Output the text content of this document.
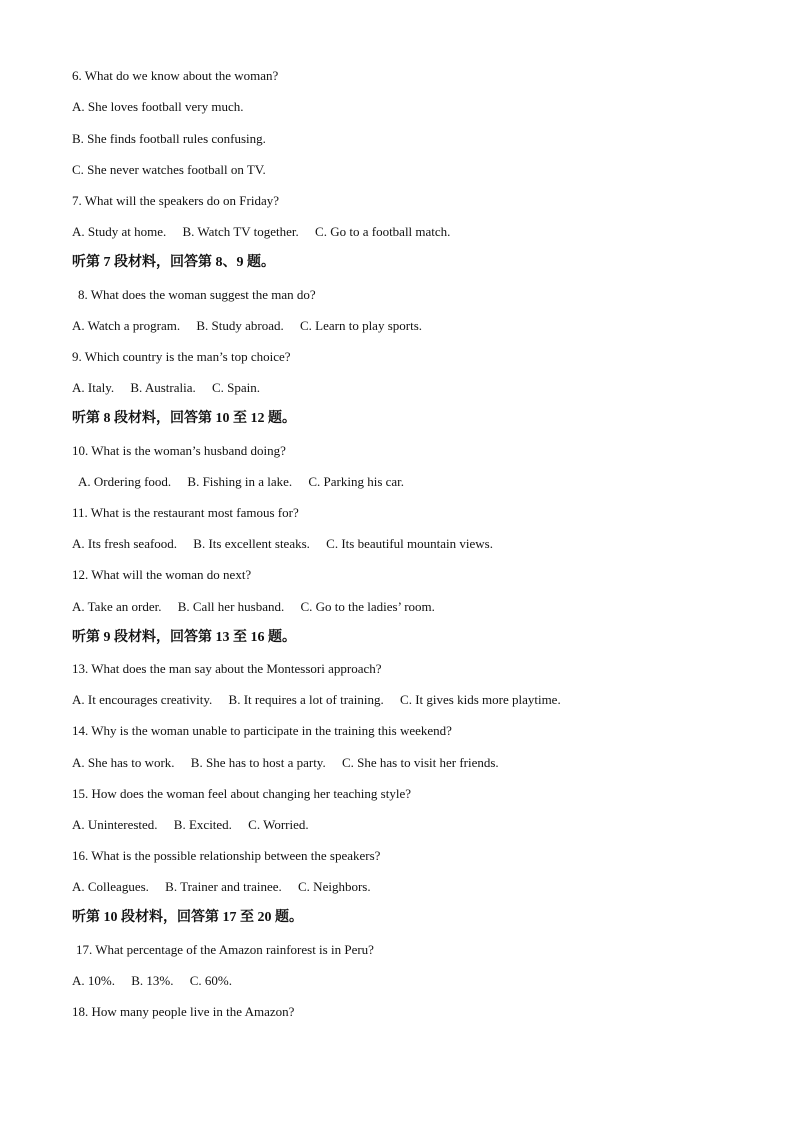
6. What do we know about the woman?
A. She loves football very much.
B. She finds football rules confusing.
C. She never watches football on TV.
7. What will the speakers do on Friday?
A. Study at home.     B. Watch TV together.     C. Go to a football match.
听第 7 段材料，回答第 8、9 题。
8. What does the woman suggest the man do?
A. Watch a program.     B. Study abroad.     C. Learn to play sports.
9. Which country is the man’s top choice?
A. Italy.     B. Australia.     C. Spain.
听第 8 段材料，回答第 10 至 12 题。
10. What is the woman’s husband doing?
A. Ordering food.     B. Fishing in a lake.     C. Parking his car.
11. What is the restaurant most famous for?
A. Its fresh seafood.     B. Its excellent steaks.     C. Its beautiful mountain views.
12. What will the woman do next?
A. Take an order.     B. Call her husband.     C. Go to the ladies’ room.
听第 9 段材料，回答第 13 至 16 题。
13. What does the man say about the Montessori approach?
A. It encourages creativity.     B. It requires a lot of training.     C. It gives kids more playtime.
14. Why is the woman unable to participate in the training this weekend?
A. She has to work.     B. She has to host a party.     C. She has to visit her friends.
15. How does the woman feel about changing her teaching style?
A. Uninterested.     B. Excited.     C. Worried.
16. What is the possible relationship between the speakers?
A. Colleagues.     B. Trainer and trainee.     C. Neighbors.
听第 10 段材料，回答第 17 至 20 题。
17. What percentage of the Amazon rainforest is in Peru?
A. 10%.     B. 13%.     C. 60%.
18. How many people live in the Amazon?
